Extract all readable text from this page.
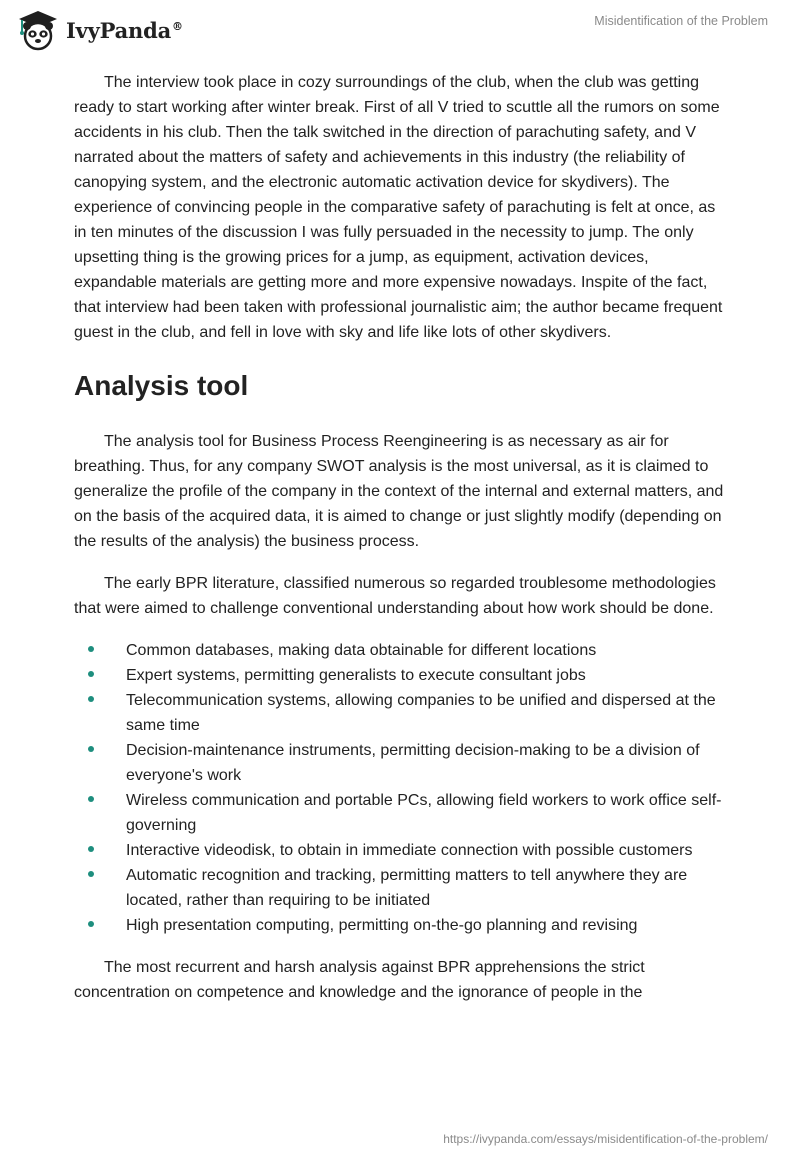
IvyPanda®	Misidentification of the Problem

The interview took place in cozy surroundings of the club, when the club was getting ready to start working after winter break. First of all V tried to scuttle all the rumors on some accidents in his club. Then the talk switched in the direction of parachuting safety, and V narrated about the matters of safety and achievements in this industry (the reliability of canopying system, and the electronic automatic activation device for skydivers). The experience of convincing people in the comparative safety of parachuting is felt at once, as in ten minutes of the discussion I was fully persuaded in the necessity to jump. The only upsetting thing is the growing prices for a jump, as equipment, activation devices, expandable materials are getting more and more expensive nowadays. Inspite of the fact, that interview had been taken with professional journalistic aim; the author became frequent guest in the club, and fell in love with sky and life like lots of other skydivers.

Analysis tool

The analysis tool for Business Process Reengineering is as necessary as air for breathing. Thus, for any company SWOT analysis is the most universal, as it is claimed to generalize the profile of the company in the context of the internal and external matters, and on the basis of the acquired data, it is aimed to change or just slightly modify (depending on the results of the analysis) the business process.

The early BPR literature, classified numerous so regarded troublesome methodologies that were aimed to challenge conventional understanding about how work should be done.

Common databases, making data obtainable for different locations
Expert systems, permitting generalists to execute consultant jobs
Telecommunication systems, allowing companies to be unified and dispersed at the same time
Decision-maintenance instruments, permitting decision-making to be a division of everyone's work
Wireless communication and portable PCs, allowing field workers to work office self-governing
Interactive videodisk, to obtain in immediate connection with possible customers
Automatic recognition and tracking, permitting matters to tell anywhere they are located, rather than requiring to be initiated
High presentation computing, permitting on-the-go planning and revising

The most recurrent and harsh analysis against BPR apprehensions the strict concentration on competence and knowledge and the ignorance of people in the

https://ivypanda.com/essays/misidentification-of-the-problem/
